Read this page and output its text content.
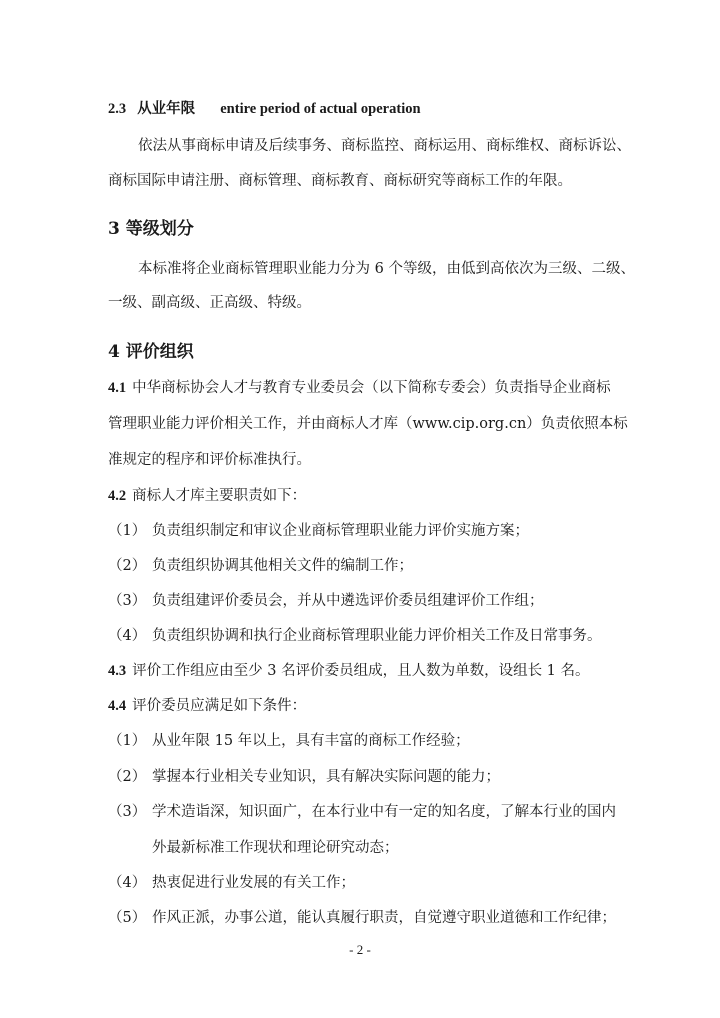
2.3 从业年限 entire period of actual operation
依法从事商标申请及后续事务、商标监控、商标运用、商标维权、商标诉讼、
商标国际申请注册、商标管理、商标教育、商标研究等商标工作的年限。
3 等级划分
本标准将企业商标管理职业能力分为 6 个等级，由低到高依次为三级、二级、
一级、副高级、正高级、特级。
4 评价组织
4.1 中华商标协会人才与教育专业委员会（以下简称专委会）负责指导企业商标
管理职业能力评价相关工作，并由商标人才库（www.cip.org.cn）负责依照本标
准规定的程序和评价标准执行。
4.2 商标人才库主要职责如下：
（1） 负责组织制定和审议企业商标管理职业能力评价实施方案；
（2） 负责组织协调其他相关文件的编制工作；
（3） 负责组建评价委员会，并从中遴选评价委员组建评价工作组；
（4） 负责组织协调和执行企业商标管理职业能力评价相关工作及日常事务。
4.3 评价工作组应由至少 3 名评价委员组成，且人数为单数，设组长 1 名。
4.4 评价委员应满足如下条件：
（1） 从业年限 15 年以上，具有丰富的商标工作经验；
（2） 掌握本行业相关专业知识，具有解决实际问题的能力；
（3） 学术造诣深，知识面广，在本行业中有一定的知名度，了解本行业的国内
外最新标准工作现状和理论研究动态；
（4） 热衷促进行业发展的有关工作；
（5） 作风正派，办事公道，能认真履行职责，自觉遵守职业道德和工作纪律；
- 2 -
